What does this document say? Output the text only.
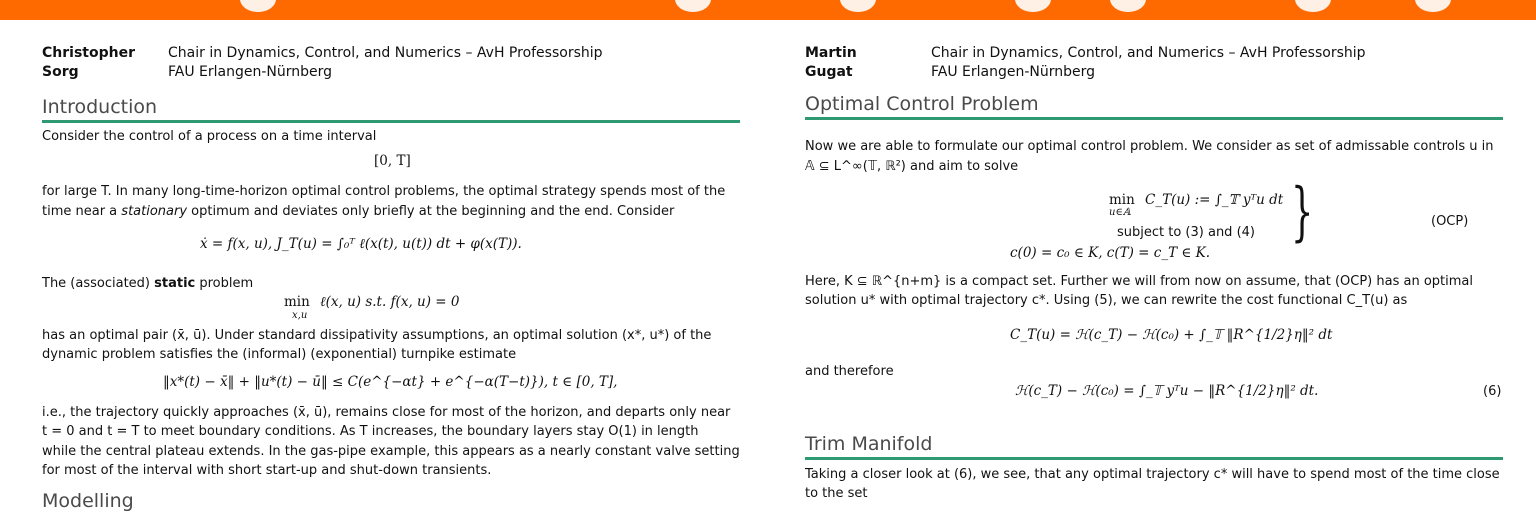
Christopher
Sorg
Chair in Dynamics, Control, and Numerics – AvH Professorship
FAU Erlangen-Nürnberg
Introduction
Consider the control of a process on a time interval
[0, T]
for large T. In many long-time-horizon optimal control problems, the optimal strategy spends most of the
time near a stationary optimum and deviates only briefly at the beginning and the end. Consider
ẋ = f(x, u), J_T(u) = ∫₀ᵀ ℓ(x(t), u(t)) dt + φ(x(T)).
The (associated) static problem
min
x,u
ℓ(x, u) s.t. f(x, u) = 0
has an optimal pair (x̄, ū). Under standard dissipativity assumptions, an optimal solution (x*, u*) of the
dynamic problem satisfies the (informal) (exponential) turnpike estimate
‖x*(t) − x̄‖ + ‖u*(t) − ū‖ ≤ C(e^{−αt} + e^{−α(T−t)}), t ∈ [0, T],
i.e., the trajectory quickly approaches (x̄, ū), remains close for most of the horizon, and departs only near
t = 0 and t = T to meet boundary conditions. As T increases, the boundary layers stay O(1) in length
while the central plateau extends. In the gas-pipe example, this appears as a nearly constant valve setting
for most of the interval with short start-up and shut-down transients.
Modelling
Martin
Gugat
Chair in Dynamics, Control, and Numerics – AvH Professorship
FAU Erlangen-Nürnberg
Optimal Control Problem
Now we are able to formulate our optimal control problem. We consider as set of admissable controls u in
𝔸 ⊆ L^∞(𝕋, ℝ²) and aim to solve
min
u∈𝔸
C_T(u) := ∫_𝕋 yᵀu dt
subject to (3) and (4)
c(0) = c₀ ∈ K, c(T) = c_T ∈ K.
}	(OCP)
Here, K ⊆ ℝ^{n+m} is a compact set. Further we will from now on assume, that (OCP) has an optimal
solution u* with optimal trajectory c*. Using (5), we can rewrite the cost functional C_T(u) as
C_T(u) = ℋ(c_T) − ℋ(c₀) + ∫_𝕋 ‖R^{1/2}η‖² dt
and therefore
ℋ(c_T) − ℋ(c₀) = ∫_𝕋 yᵀu − ‖R^{1/2}η‖² dt.	(6)
Trim Manifold
Taking a closer look at (6), we see, that any optimal trajectory c* will have to spend most of the time close
to the set
